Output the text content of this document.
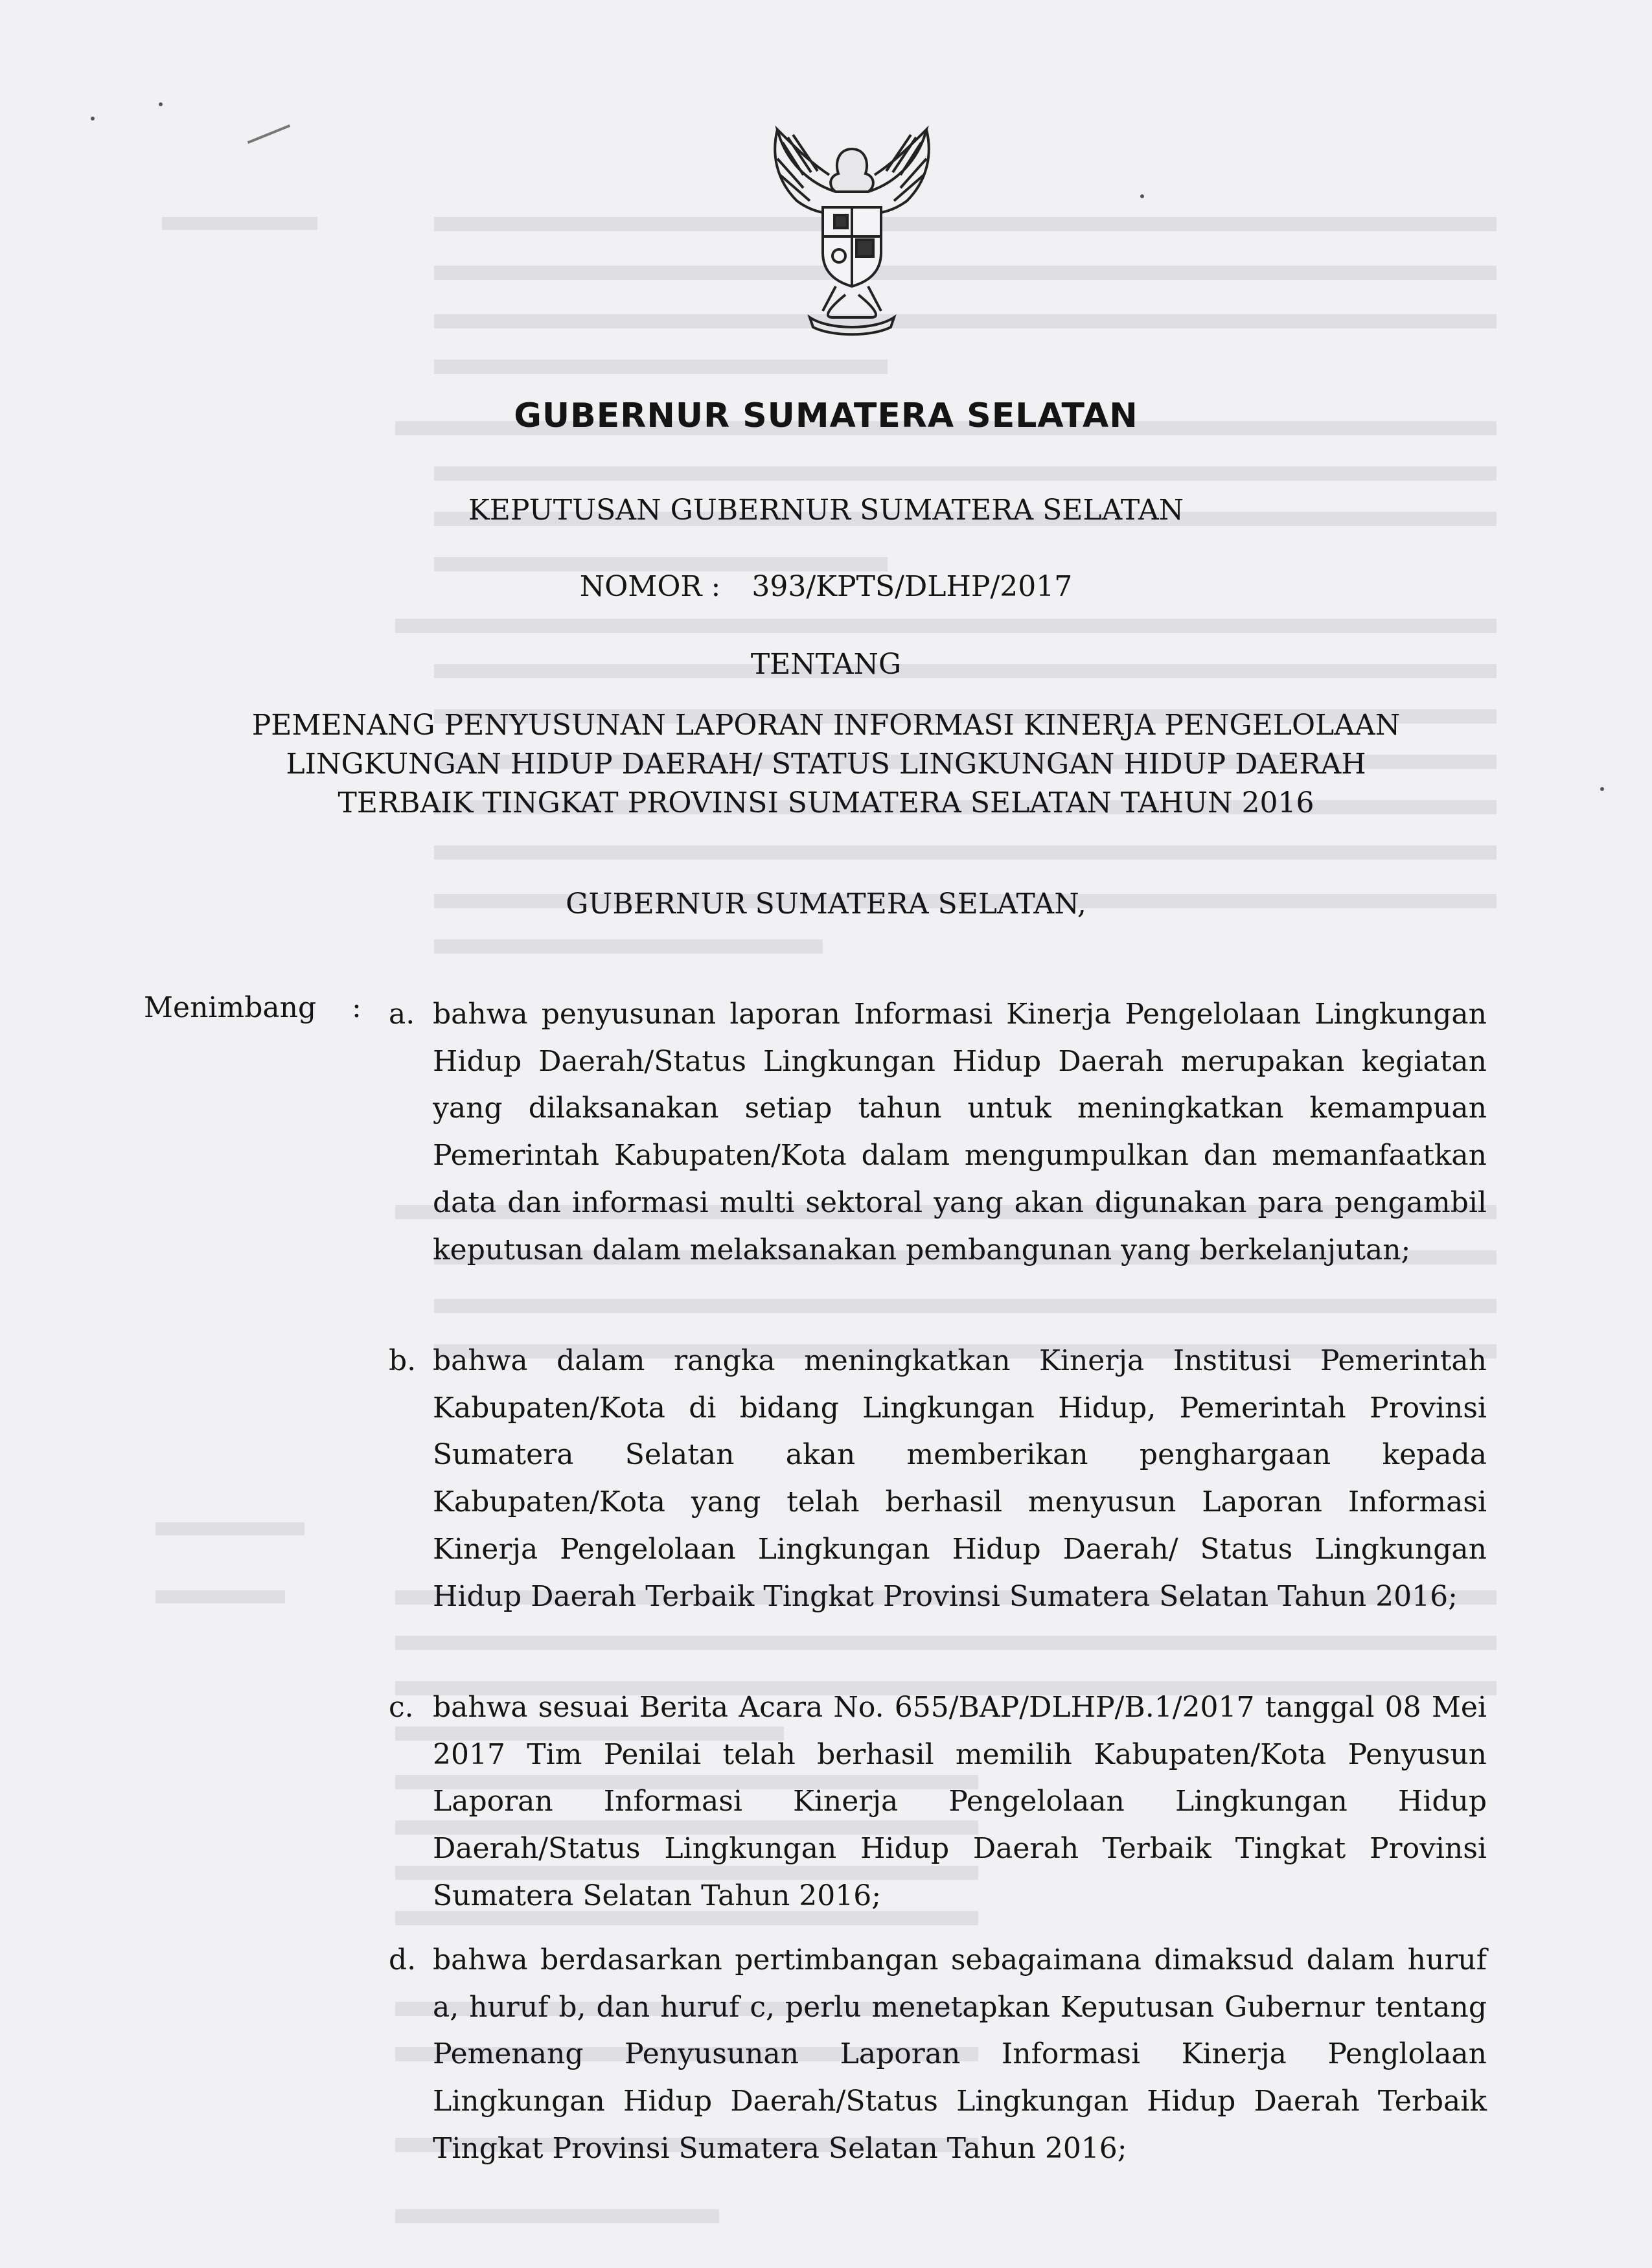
GUBERNUR SUMATERA SELATAN
KEPUTUSAN GUBERNUR SUMATERA SELATAN
NOMOR : 393/KPTS/DLHP/2017
TENTANG
PEMENANG PENYUSUNAN LAPORAN INFORMASI KINERJA PENGELOLAAN
LINGKUNGAN HIDUP DAERAH/ STATUS LINGKUNGAN HIDUP DAERAH
TERBAIK TINGKAT PROVINSI SUMATERA SELATAN TAHUN 2016
GUBERNUR SUMATERA SELATAN,
Menimbang : a. bahwa penyusunan laporan Informasi Kinerja Pengelolaan Lingkungan Hidup Daerah/Status Lingkungan Hidup Daerah merupakan kegiatan yang dilaksanakan setiap tahun untuk meningkatkan kemampuan Pemerintah Kabupaten/Kota dalam mengumpulkan dan memanfaatkan data dan informasi multi sektoral yang akan digunakan para pengambil keputusan dalam melaksanakan pembangunan yang berkelanjutan;
b. bahwa dalam rangka meningkatkan Kinerja Institusi Pemerintah Kabupaten/Kota di bidang Lingkungan Hidup, Pemerintah Provinsi Sumatera Selatan akan memberikan penghargaan kepada Kabupaten/Kota yang telah berhasil menyusun Laporan Informasi Kinerja Pengelolaan Lingkungan Hidup Daerah/ Status Lingkungan Hidup Daerah Terbaik Tingkat Provinsi Sumatera Selatan Tahun 2016;
c. bahwa sesuai Berita Acara No. 655/BAP/DLHP/B.1/2017 tanggal 08 Mei 2017 Tim Penilai telah berhasil memilih Kabupaten/Kota Penyusun Laporan Informasi Kinerja Pengelolaan Lingkungan Hidup Daerah/Status Lingkungan Hidup Daerah Terbaik Tingkat Provinsi Sumatera Selatan Tahun 2016;
d. bahwa berdasarkan pertimbangan sebagaimana dimaksud dalam huruf a, huruf b, dan huruf c, perlu menetapkan Keputusan Gubernur tentang Pemenang Penyusunan Laporan Informasi Kinerja Penglolaan Lingkungan Hidup Daerah/Status Lingkungan Hidup Daerah Terbaik Tingkat Provinsi Sumatera Selatan Tahun 2016;
